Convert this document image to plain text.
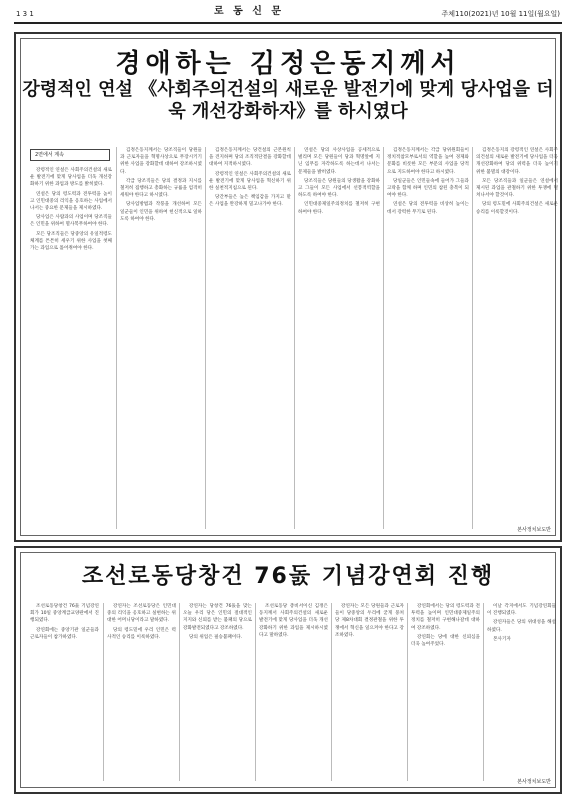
1 3 1	로 동 신 문	주체110(2021)년 10월 11일(월요일)
경애하는 김정은동지께서
강령적인 연설 《사회주의건설의 새로운 발전기에 맞게 당사업을 더욱 개선강화하자》를 하시였다
2면에서 계속

강령적인 연설은 사회주의건설의 새로운 발전기에 맞게 당사업을 더욱 개선강화하기 위한 과업과 방도를 밝히였다.

연설은 당의 령도력과 전투력을 높이고 인민대중의 리익을 옹호하는 사업에서 나서는 중요한 문제들을 제시하였다.

당사업은 사람과의 사업이며 당조직들은 인민을 위하여 멸사복무하여야 한다.

모든 당조직들은 당중앙의 유일적령도체계를 튼튼히 세우기 위한 사업을 첫째가는 과업으로 틀어쥐여야 한다.

김정은동지께서는 당조직들이 당원들과 근로자들을 혁명사상으로 무장시키기 위한 사업을 강화할데 대하여 강조하시였다.

각급 당조직들은 당의 결정과 지시를 철저히 집행하고 총화하는 규률을 엄격히 세워야 한다고 하시였다.

당사업방법과 작풍을 개선하여 모든 일군들이 인민을 위하여 헌신적으로 일하도록 하여야 한다.

김정은동지께서는 당건설의 근본원칙을 견지하며 당의 조직적단결을 강화할데 대하여 지적하시였다.

강령적인 연설은 사회주의건설의 새로운 발전기에 맞게 당사업을 혁신하기 위한 실천적지침으로 된다.

당간부들은 높은 책임감을 가지고 맡은 사업을 완강하게 밀고나가야 한다.

연설은 당의 사상사업을 공세적으로 벌리며 모든 당원들이 당과 혁명앞에 지닌 임무를 자각하도록 하는데서 나서는 문제들을 밝히였다.

당조직들은 당원들의 당생활을 강화하고 그들이 모든 사업에서 선봉적역할을 하도록 하여야 한다.

인민대중제일주의정치를 철저히 구현하여야 한다.

김정은동지께서는 각급 당위원회들이 정치적참모부로서의 역할을 높여 경제와 문화를 비롯한 모든 부문의 사업을 당적으로 지도하여야 한다고 하시였다.

당일군들은 인민들속에 들어가 그들과 고락을 함께 하며 인민의 참된 충복이 되여야 한다.

연설은 당의 전투력을 비상히 높이는데서 강력한 무기로 된다.

김정은동지의 강령적인 연설은 사회주의건설의 새로운 발전기에 당사업을 더욱 개선강화하여 당의 위력을 더욱 높이기 위한 불멸의 대강이다.

모든 당조직들과 일군들은 연설에서 제시된 과업을 관철하기 위한 투쟁에 떨쳐나서야 할것이다.

당의 령도밑에 사회주의건설은 새로운 승리를 이룩할것이다.

본사정치보도반
조선로동당창건 76돐 기념강연회 진행

조선로동당창건 76돐 기념강연회가 10일 중앙계급교양관에서 진행되였다.

강연회에는 중앙기관 일군들과 근로자들이 참가하였다.

강연자는 조선로동당은 인민대중의 리익을 옹호하고 실현하는 위대한 어머니당이라고 말하였다.

당의 령도밑에 우리 인민은 력사적인 승리를 이룩하였다.

강연자는 당창건 76돐을 맞는 오늘 우리 당은 인민의 절대적인 지지와 신뢰를 받는 불패의 당으로 강화발전되였다고 강조하였다.

당의 위업은 필승불패이다.

조선로동당 총비서이신 김정은동지께서 사회주의건설의 새로운 발전기에 맞게 당사업을 더욱 개선강화하기 위한 과업을 제시하시였다고 말하였다.

강연자는 모든 당원들과 근로자들이 당중앙의 두리에 굳게 뭉쳐 당 제8차대회 결정관철을 위한 투쟁에서 혁신을 일으켜야 한다고 강조하였다.

강연회에서는 당의 령도력과 전투력을 높이며 인민대중제일주의정치를 철저히 구현해나갈데 대하여 강조하였다.

강연회는 당에 대한 신뢰심을 더욱 높여주었다.

이날 각지에서도 기념강연회들이 진행되였다.

강연자들은 당의 위대성을 해설하였다.

본사기자

본사정치보도반
